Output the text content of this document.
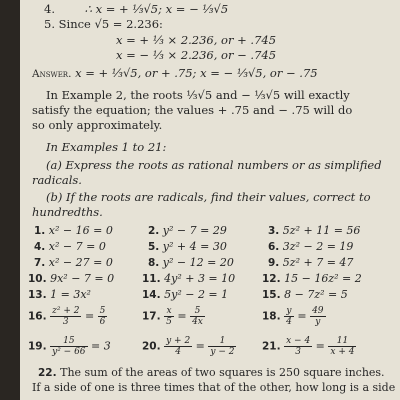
4.	∴ x = + ⅓√5; x = − ⅓√5
5. Since √5 = 2.236:
x = + ⅓ × 2.236, or + .745
x = − ⅓ × 2.236, or − .745
Answer. x = + ⅓√5, or + .75; x = − ⅓√5, or − .75
In Example 2, the roots ⅓√5 and − ⅓√5 will exactly
satisfy the equation; the values + .75 and − .75 will do
so only approximately.
In Examples 1 to 21:
(a) Express the roots as rational numbers or as simplified
radicals.
(b) If the roots are radicals, find their values, correct to
hundredths.
1. x² − 16 = 0	2. y² − 7 = 29	3. 5z² + 11 = 56
4. x² − 7 = 0	5. y² + 4 = 30	6. 3z² − 2 = 19
7. x² − 27 = 0	8. y² − 12 = 20	9. 5z² + 7 = 47
10. 9x² − 7 = 0	11. 4y² + 3 = 10	12. 15 − 16z² = 2
13. 1 = 3x²	14. 5y² − 2 = 1	15. 8 − 7z² = 5
16. $\frac{\text{z² + 2}}{3} = \frac{5}{6}$	17. $\frac{x}{5} = \frac{5}{4x}$	18. $\frac{y}{4} = \frac{49}{y}$
19. $\frac{15}{\text{y² − 66}} = 3$	20. $\frac{y + 2}{4} = \frac{1}{y - 2} 21$. $\frac{x - 4}{3} = \frac{11}{x + 4}$
22. The sum of the areas of two squares is 250 square inches.
If a side of one is three times that of the other, how long is a side
